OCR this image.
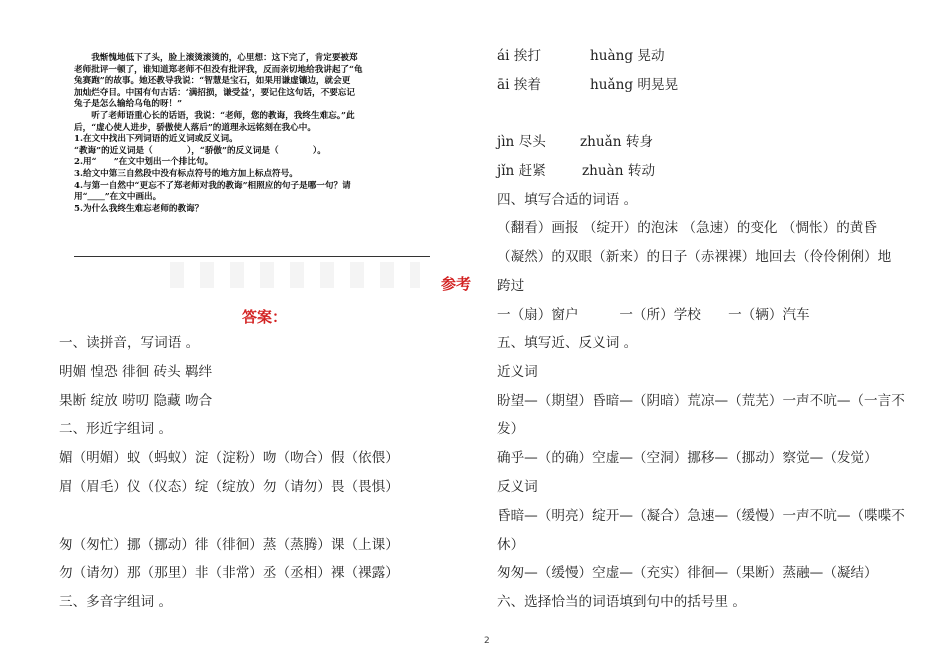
　　我惭愧地低下了头，脸上滚烫滚烫的，心里想：这下完了，肯定要被郑
老师批评一顿了，谁知道郑老师不但没有批评我，反而亲切地给我讲起了“龟
兔赛跑”的故事。她还教导我说：“智慧是宝石，如果用谦虚镶边，就会更
加灿烂夺目。中国有句古话：‘满招损，谦受益’，要记住这句话，不要忘记
兔子是怎么输给乌龟的呀！”
　　听了老师语重心长的话语，我说：“老师，您的教诲，我终生难忘。”此
后，“虚心使人进步，骄傲使人落后”的道理永远铭刻在我心中。
1.在文中找出下列词语的近义词或反义词。
“教诲”的近义词是（　　　　），“骄傲”的反义词是（　　　　）。
2.用“　　”在文中划出一个排比句。
3.给文中第三自然段中没有标点符号的地方加上标点符号。
4.与第一自然中“更忘不了郑老师对我的教诲”相照应的句子是哪一句？请
用“＿＿”在文中画出。
5.为什么我终生难忘老师的教诲？
参考
答案：
一、读拼音，写词语 。
明媚 惶恐 徘徊 砖头 羁绊
果断 绽放 唠叨 隐藏 吻合
二、形近字组词 。
媚（明媚）蚁（蚂蚁）淀（淀粉）吻（吻合）假（依偎）
眉（眉毛）仪（仪态）绽（绽放）勿（请勿）畏（畏惧）
匆（匆忙）挪（挪动）徘（徘徊）蒸（蒸腾）课（上课）
勿（请勿）那（那里）非（非常）丞（丞相）裸（裸露）
三、多音字组词 。
ái 挨打	huàng 晃动
āi 挨着	huǎng 明晃晃
jìn 尽头	zhuǎn 转身
jǐn 赶紧	zhuàn 转动
四、填写合适的词语 。
（翻看）画报 （绽开）的泡沫 （急速）的变化 （惆怅）的黄昏
（凝然）的双眼（新来）的日子（赤裸裸）地回去（伶伶俐俐）地
跨过
一（扇）窗户　　　一（所）学校　　一（辆）汽车
五、填写近、反义词 。
近义词
盼望—（期望）昏暗—（阴暗）荒凉—（荒芜）一声不吭—（一言不
发）
确乎—（的确）空虚—（空洞）挪移—（挪动）察觉—（发觉）
反义词
昏暗—（明亮）绽开—（凝合）急速—（缓慢）一声不吭—（喋喋不
休）
匆匆—（缓慢）空虚—（充实）徘徊—（果断）蒸融—（凝结）
六、选择恰当的词语填到句中的括号里 。
2
